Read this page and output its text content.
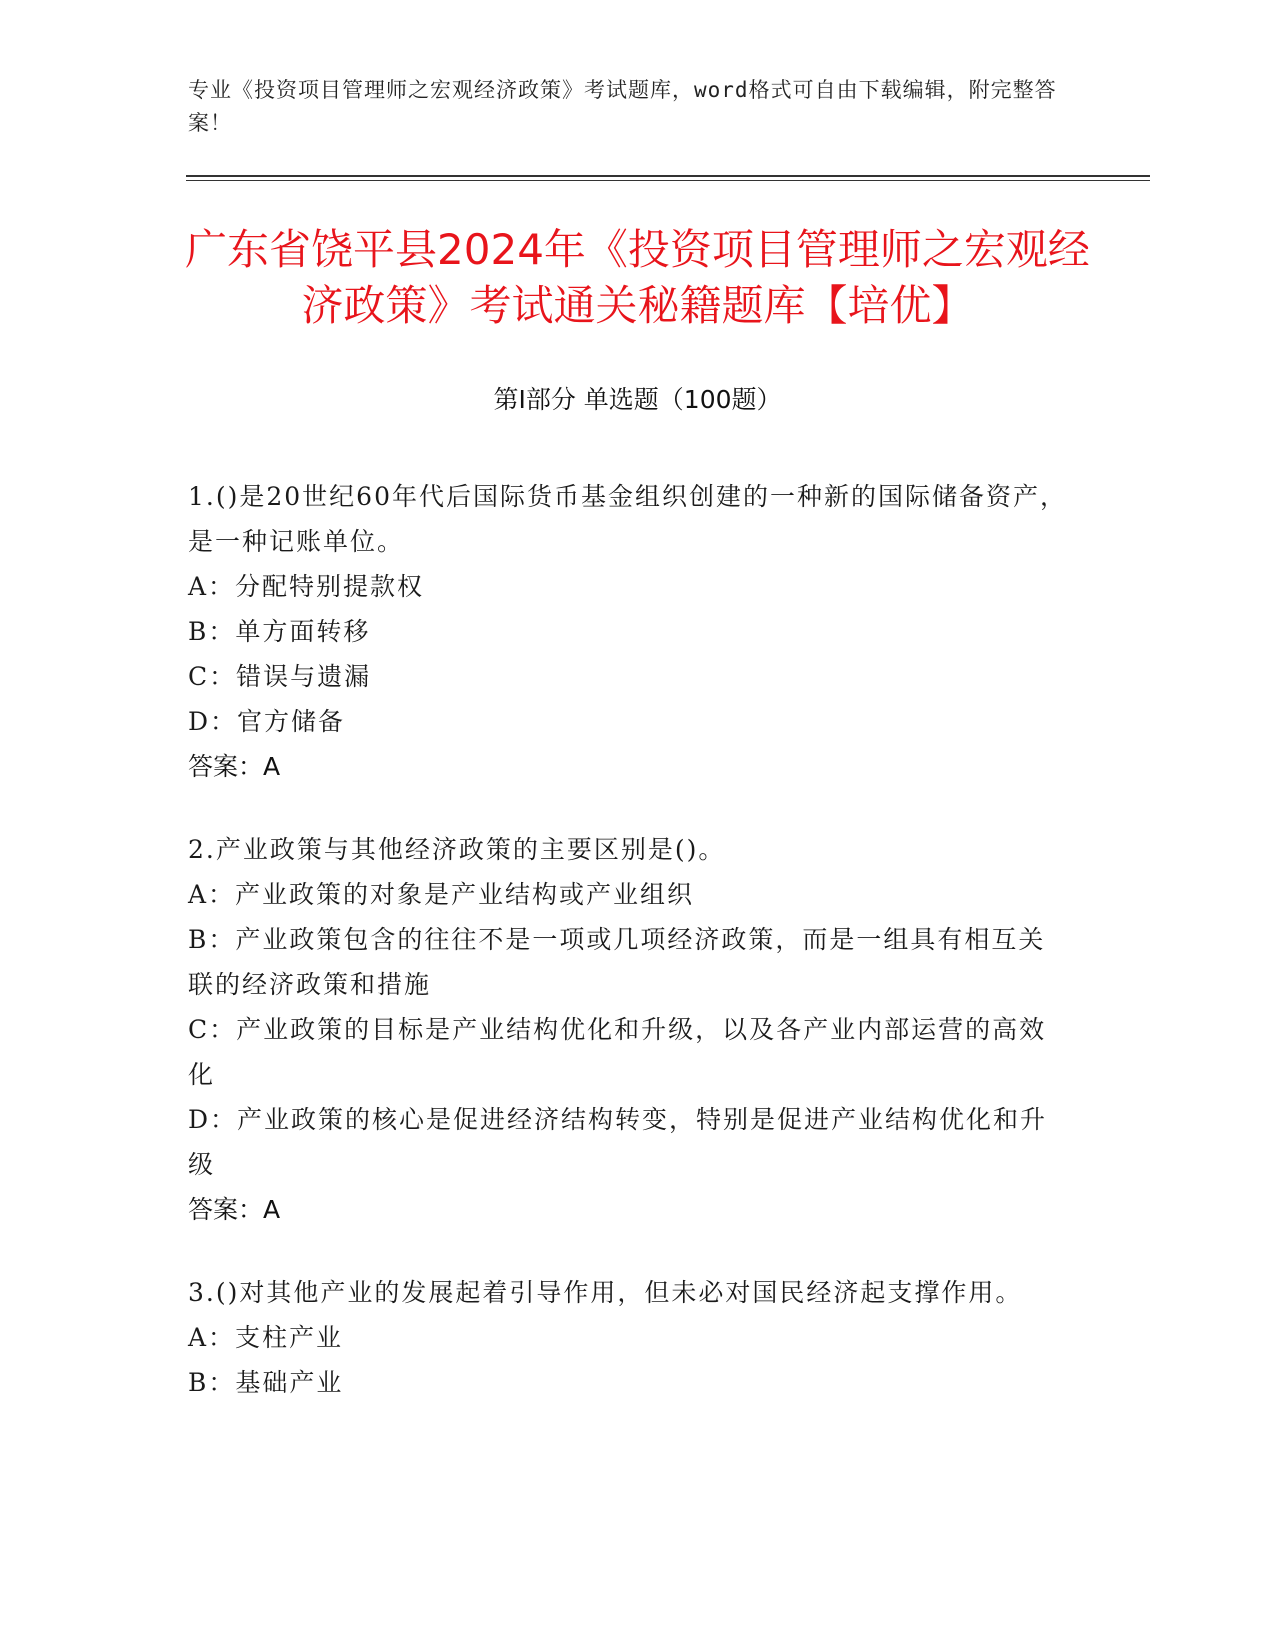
专业《投资项目管理师之宏观经济政策》考试题库，word格式可自由下载编辑，附完整答案！
广东省饶平县2024年《投资项目管理师之宏观经济政策》考试通关秘籍题库【培优】
第Ⅰ部分 单选题（100题）
1.()是20世纪60年代后国际货币基金组织创建的一种新的国际储备资产，是一种记账单位。
A：分配特别提款权
B：单方面转移
C：错误与遗漏
D：官方储备
答案：A
2.产业政策与其他经济政策的主要区别是()。
A：产业政策的对象是产业结构或产业组织
B：产业政策包含的往往不是一项或几项经济政策，而是一组具有相互关联的经济政策和措施
C：产业政策的目标是产业结构优化和升级，以及各产业内部运营的高效化
D：产业政策的核心是促进经济结构转变，特别是促进产业结构优化和升级
答案：A
3.()对其他产业的发展起着引导作用，但未必对国民经济起支撑作用。
A：支柱产业
B：基础产业
